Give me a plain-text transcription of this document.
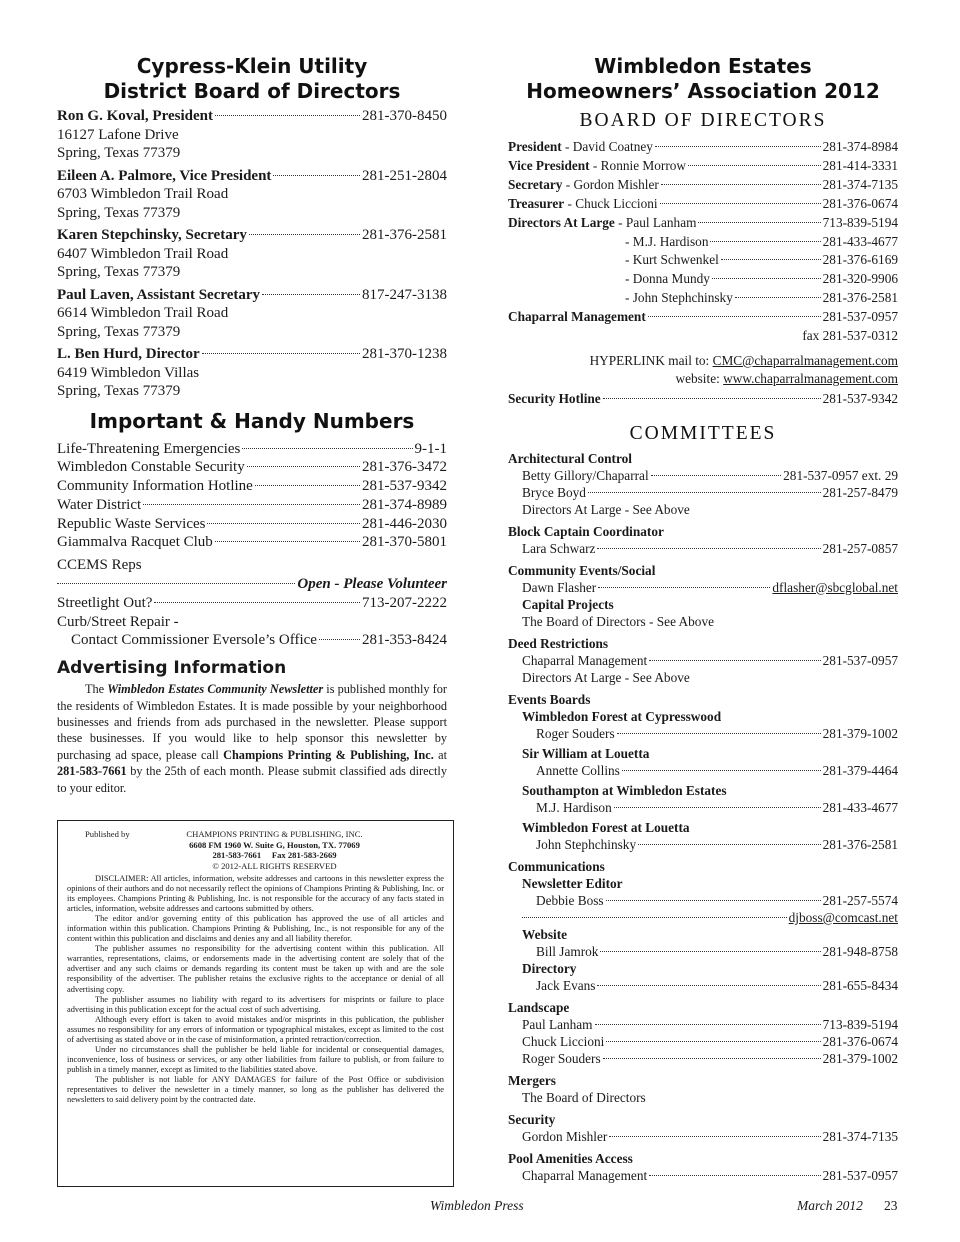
Cypress-Klein Utility
District Board of Directors
Ron G. Koval, President	281-370-8450
16127 Lafone Drive
Spring, Texas 77379
Eileen A. Palmore, Vice President	281-251-2804
6703 Wimbledon Trail Road
Spring, Texas 77379
Karen Stepchinsky, Secretary	281-376-2581
6407 Wimbledon Trail Road
Spring, Texas 77379
Paul Laven, Assistant Secretary	817-247-3138
6614 Wimbledon Trail Road
Spring, Texas 77379
L. Ben Hurd, Director	281-370-1238
6419 Wimbledon Villas
Spring, Texas 77379
Important & Handy Numbers
Life-Threatening Emergencies	9-1-1
Wimbledon Constable Security	281-376-3472
Community Information Hotline	281-537-9342
Water District	281-374-8989
Republic Waste Services	281-446-2030
Giammalva Racquet Club	281-370-5801
CCEMS Reps
Open - Please Volunteer
Streetlight Out?	713-207-2222
Curb/Street Repair -
Contact Commissioner Eversole’s Office	281-353-8424
Advertising Information
The Wimbledon Estates Community Newsletter is published monthly for the residents of Wimbledon Estates. It is made possible by your neighborhood businesses and friends from ads purchased in the newsletter. Please support these businesses. If you would like to help sponsor this newsletter by purchasing ad space, please call Champions Printing & Publishing, Inc. at 281-583-7661 by the 25th of each month. Please submit classified ads directly to your editor.
Published by	CHAMPIONS PRINTING & PUBLISHING, INC.
6608 FM 1960 W. Suite G, Houston, TX. 77069
281-583-7661     Fax 281-583-2669
© 2012-ALL RIGHTS RESERVED
DISCLAIMER: All articles, information, website addresses and cartoons in this newsletter express the opinions of their authors and do not necessarily reflect the opinions of Champions Printing & Publishing, Inc. or its employees. Champions Printing & Publishing, Inc. is not responsible for the accuracy of any facts stated in articles, information, website addresses and cartoons submitted by others.
The editor and/or governing entity of this publication has approved the use of all articles and information within this publication. Champions Printing & Publishing, Inc., is not responsible for any of the content within this publication and disclaims and denies any and all liability therefor.
The publisher assumes no responsibility for the advertising content within this publication. All warranties, representations, claims, or endorsements made in the advertising content are solely that of the advertiser and any such claims or demands regarding its content must be taken up with and are the sole responsibility of the advertiser. The publisher retains the exclusive rights to the acceptance or denial of all advertising copy.
The publisher assumes no liability with regard to its advertisers for misprints or failure to place advertising in this publication except for the actual cost of such advertising.
Although every effort is taken to avoid mistakes and/or misprints in this publication, the publisher assumes no responsibility for any errors of information or typographical mistakes, except as limited to the cost of advertising as stated above or in the case of misinformation, a printed retraction/correction.
Under no circumstances shall the publisher be held liable for incidental or consequential damages, inconvenience, loss of business or services, or any other liabilities from failure to publish, or from failure to publish in a timely manner, except as limited to the liabilities stated above.
The publisher is not liable for ANY DAMAGES for failure of the Post Office or subdivision representatives to deliver the newsletter in a timely manner, so long as the publisher has delivered the newsletters to said delivery point by the contracted date.
Wimbledon Estates
Homeowners’ Association 2012
BOARD OF DIRECTORS
President - David Coatney	281-374-8984
Vice President - Ronnie Morrow	281-414-3331
Secretary - Gordon Mishler	281-374-7135
Treasurer - Chuck Liccioni	281-376-0674
Directors At Large - Paul Lanham	713-839-5194
- M.J. Hardison	281-433-4677
- Kurt Schwenkel	281-376-6169
- Donna Mundy	281-320-9906
- John Stephchinsky	281-376-2581
Chaparral Management	281-537-0957
fax 281-537-0312
HYPERLINK mail to: CMC@chaparralmanagement.com
website: www.chaparralmanagement.com
Security Hotline	281-537-9342
COMMITTEES
Architectural Control
Betty Gillory/Chaparral	281-537-0957 ext. 29
Bryce Boyd	281-257-8479
Directors At Large - See Above
Block Captain Coordinator
Lara Schwarz	281-257-0857
Community Events/Social
Dawn Flasher	dflasher@sbcglobal.net
Capital Projects
The Board of Directors - See Above
Deed Restrictions
Chaparral Management	281-537-0957
Directors At Large - See Above
Events Boards
Wimbledon Forest at Cypresswood
Roger Souders	281-379-1002
Sir William at Louetta
Annette Collins	281-379-4464
Southampton at Wimbledon Estates
M.J. Hardison	281-433-4677
Wimbledon Forest at Louetta
John Stephchinsky	281-376-2581
Communications
Newsletter Editor
Debbie Boss	281-257-5574
djboss@comcast.net
Website
Bill Jamrok	281-948-8758
Directory
Jack Evans	281-655-8434
Landscape
Paul Lanham	713-839-5194
Chuck Liccioni	281-376-0674
Roger Souders	281-379-1002
Mergers
The Board of Directors
Security
Gordon Mishler	281-374-7135
Pool Amenities Access
Chaparral Management	281-537-0957
Wimbledon Press	March 2012 23
